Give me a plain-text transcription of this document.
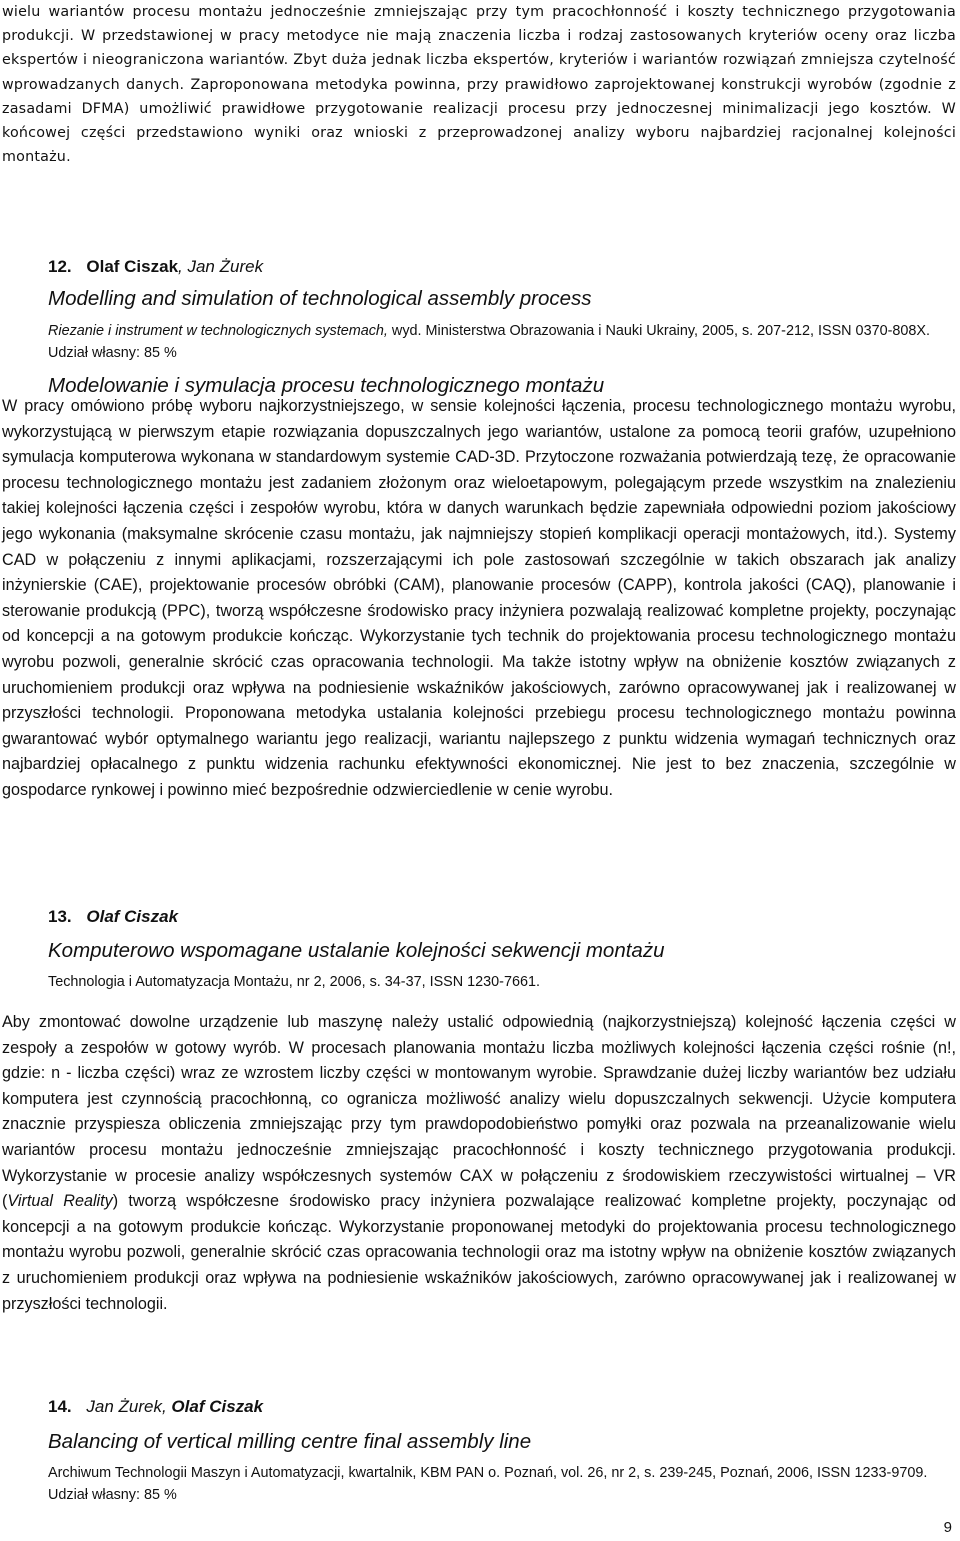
wielu wariantów procesu montażu jednocześnie zmniejszając przy tym pracochłonność i koszty technicznego przygotowania produkcji. W przedstawionej w pracy metodyce nie mają znaczenia liczba i rodzaj zastosowanych kryteriów oceny oraz liczba ekspertów i nieograniczona wariantów. Zbyt duża jednak liczba ekspertów, kryteriów i wariantów rozwiązań zmniejsza czytelność wprowadzanych danych. Zaproponowana metodyka powinna, przy prawidłowo zaprojektowanej konstrukcji wyrobów (zgodnie z zasadami DFMA) umożliwić prawidłowe przygotowanie realizacji procesu przy jednoczesnej minimalizacji jego kosztów. W końcowej części przedstawiono wyniki oraz wnioski z przeprowadzonej analizy wyboru najbardziej racjonalnej kolejności montażu.
12. Olaf Ciszak, Jan Żurek
Modelling and simulation of technological assembly process
Riezanie i instrument w technologicznych systemach, wyd. Ministerstwa Obrazowania i Nauki Ukrainy, 2005, s. 207-212, ISSN 0370-808X. Udział własny: 85 %
Modelowanie i symulacja procesu technologicznego montażu
W pracy omówiono próbę wyboru najkorzystniejszego, w sensie kolejności łączenia, procesu technologicznego montażu wyrobu, wykorzystującą w pierwszym etapie rozwiązania dopuszczalnych jego wariantów, ustalone za pomocą teorii grafów, uzupełniono symulacja komputerowa wykonana w standardowym systemie CAD-3D. Przytoczone rozważania potwierdzają tezę, że opracowanie procesu technologicznego montażu jest zadaniem złożonym oraz wieloetapowym, polegającym przede wszystkim na znalezieniu takiej kolejności łączenia części i zespołów wyrobu, która w danych warunkach będzie zapewniała odpowiedni poziom jakościowy jego wykonania (maksymalne skrócenie czasu montażu, jak najmniejszy stopień komplikacji operacji montażowych, itd.). Systemy CAD w połączeniu z innymi aplikacjami, rozszerzającymi ich pole zastosowań szczególnie w takich obszarach jak analizy inżynierskie (CAE), projektowanie procesów obróbki (CAM), planowanie procesów (CAPP), kontrola jakości (CAQ), planowanie i sterowanie produkcją (PPC), tworzą współczesne środowisko pracy inżyniera pozwalają realizować kompletne projekty, poczynając od koncepcji a na gotowym produkcie kończąc. Wykorzystanie tych technik do projektowania procesu technologicznego montażu wyrobu pozwoli, generalnie skrócić czas opracowania technologii. Ma także istotny wpływ na obniżenie kosztów związanych z uruchomieniem produkcji oraz wpływa na podniesienie wskaźników jakościowych, zarówno opracowywanej jak i realizowanej w przyszłości technologii. Proponowana metodyka ustalania kolejności przebiegu procesu technologicznego montażu powinna gwarantować wybór optymalnego wariantu jego realizacji, wariantu najlepszego z punktu widzenia wymagań technicznych oraz najbardziej opłacalnego z punktu widzenia rachunku efektywności ekonomicznej. Nie jest to bez znaczenia, szczególnie w gospodarce rynkowej i powinno mieć bezpośrednie odzwierciedlenie w cenie wyrobu.
13. Olaf Ciszak
Komputerowo wspomagane ustalanie kolejności sekwencji montażu
Technologia i Automatyzacja Montażu, nr 2, 2006, s. 34-37, ISSN 1230-7661.
Aby zmontować dowolne urządzenie lub maszynę należy ustalić odpowiednią (najkorzystniejszą) kolejność łączenia części w zespoły a zespołów w gotowy wyrób. W procesach planowania montażu liczba możliwych kolejności łączenia części rośnie (n!, gdzie: n - liczba części) wraz ze wzrostem liczby części w montowanym wyrobie. Sprawdzanie dużej liczby wariantów bez udziału komputera jest czynnością pracochłonną, co ogranicza możliwość analizy wielu dopuszczalnych sekwencji. Użycie komputera znacznie przyspiesza obliczenia zmniejszając przy tym prawdopodobieństwo pomyłki oraz pozwala na przeanalizowanie wielu wariantów procesu montażu jednocześnie zmniejszając pracochłonność i koszty technicznego przygotowania produkcji. Wykorzystanie w procesie analizy współczesnych systemów CAX w połączeniu z środowiskiem rzeczywistości wirtualnej – VR (Virtual Reality) tworzą współczesne środowisko pracy inżyniera pozwalające realizować kompletne projekty, poczynając od koncepcji a na gotowym produkcie kończąc. Wykorzystanie proponowanej metodyki do projektowania procesu technologicznego montażu wyrobu pozwoli, generalnie skrócić czas opracowania technologii oraz ma istotny wpływ na obniżenie kosztów związanych z uruchomieniem produkcji oraz wpływa na podniesienie wskaźników jakościowych, zarówno opracowywanej jak i realizowanej w przyszłości technologii.
14. Jan Żurek, Olaf Ciszak
Balancing of vertical milling centre final assembly line
Archiwum Technologii Maszyn i Automatyzacji, kwartalnik, KBM PAN o. Poznań, vol. 26, nr 2, s. 239-245, Poznań, 2006, ISSN 1233-9709. Udział własny: 85 %
9
